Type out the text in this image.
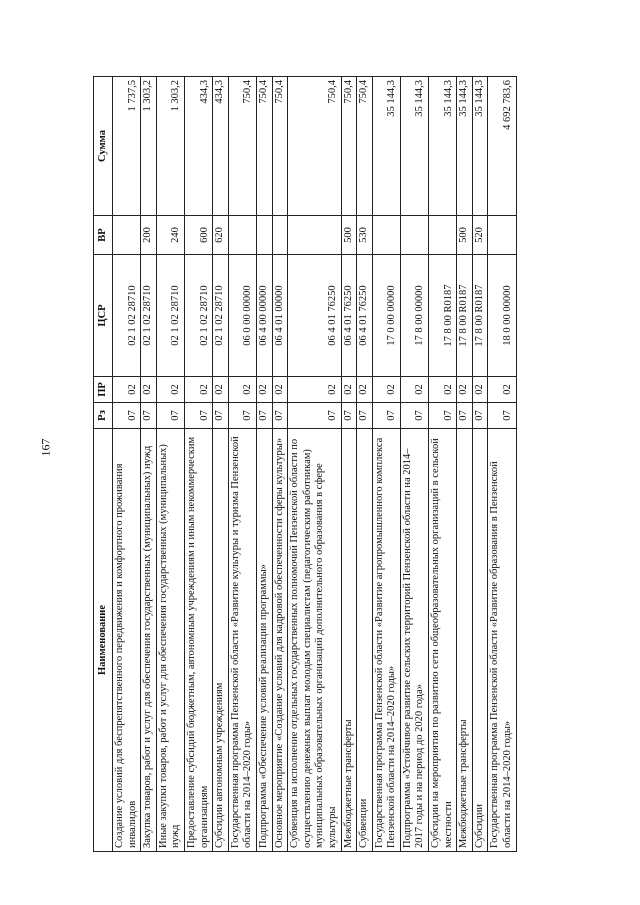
167
Наименование	Рз	ПР	ЦСР	ВР	Сумма
Создание условий для беспрепятственного передвижения и комфортного проживания инвалидов	07	02	02 1 02 28710		1 737,5
Закупка товаров, работ и услуг для обеспечения государственных (муниципальных) нужд	07	02	02 1 02 28710	200	1 303,2
Иные закупки товаров, работ и услуг для обеспечения государственных (муниципальных) нужд	07	02	02 1 02 28710	240	1 303,2
Предоставление субсидий бюджетным, автономным учреждениям и иным некоммерческим организациям	07	02	02 1 02 28710	600	434,3
Субсидии автономным учреждениям	07	02	02 1 02 28710	620	434,3
Государственная программа Пензенской области «Развитие культуры и туризма Пензенской области на 2014–2020 годы»	07	02	06 0 00 00000		750,4
Подпрограмма «Обеспечение условий реализации программы»	07	02	06 4 00 00000		750,4
Основное мероприятие «Создание условий для кадровой обеспеченности сферы культуры»	07	02	06 4 01 00000		750,4
Субвенция на исполнение отдельных государственных полномочий Пензенской области по осуществлению денежных выплат молодым специалистам (педагогическим работникам) муниципальных образовательных организаций дополнительного образования в сфере культуры	07	02	06 4 01 76250		750,4
Межбюджетные трансферты	07	02	06 4 01 76250	500	750,4
Субвенции	07	02	06 4 01 76250	530	750,4
Государственная программа Пензенской области «Развитие агропромышленного комплекса Пензенской области на 2014–2020 годы»	07	02	17 0 00 00000		35 144,3
Подпрограмма «Устойчивое развитие сельских территорий Пензенской области на 2014–2017 годы и на период до 2020 года»	07	02	17 8 00 00000		35 144,3
Субсидии на мероприятия по развитию сети общеобразовательных организаций в сельской местности	07	02	17 8 00 R0187		35 144,3
Межбюджетные трансферты	07	02	17 8 00 R0187	500	35 144,3
Субсидии	07	02	17 8 00 R0187	520	35 144,3
Государственная программа Пензенской области «Развитие образования в Пензенской области на 2014–2020 годы»	07	02	18 0 00 00000		4 692 783,6
